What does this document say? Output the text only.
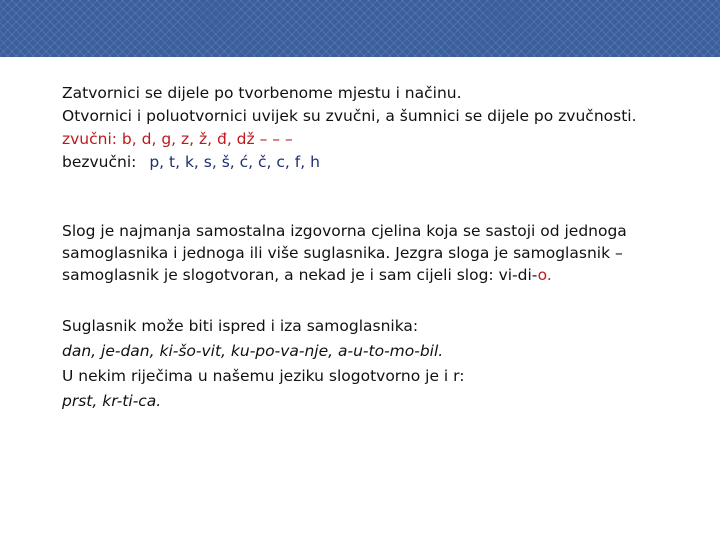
Zatvornici se dijele po tvorbenome mjestu i načinu.
Otvornici i poluotvornici uvijek su zvučni, a šumnici se dijele po zvučnosti.
zvučni: b, d, g, z, ž, đ, dž – – –
bezvučni: p, t, k, s, š, ć, č, c, f, h
Slog je najmanja samostalna izgovorna cjelina koja se sastoji od jednoga samoglasnika i jednoga ili više suglasnika. Jezgra sloga je samoglasnik – samoglasnik je slogotvoran, a nekad je i sam cijeli slog: vi-di-o.
Suglasnik može biti ispred i iza samoglasnika:
dan, je-dan, ki-šo-vit, ku-po-va-nje, a-u-to-mo-bil.
U nekim riječima u našemu jeziku slogotvorno je i r:
prst, kr-ti-ca.
